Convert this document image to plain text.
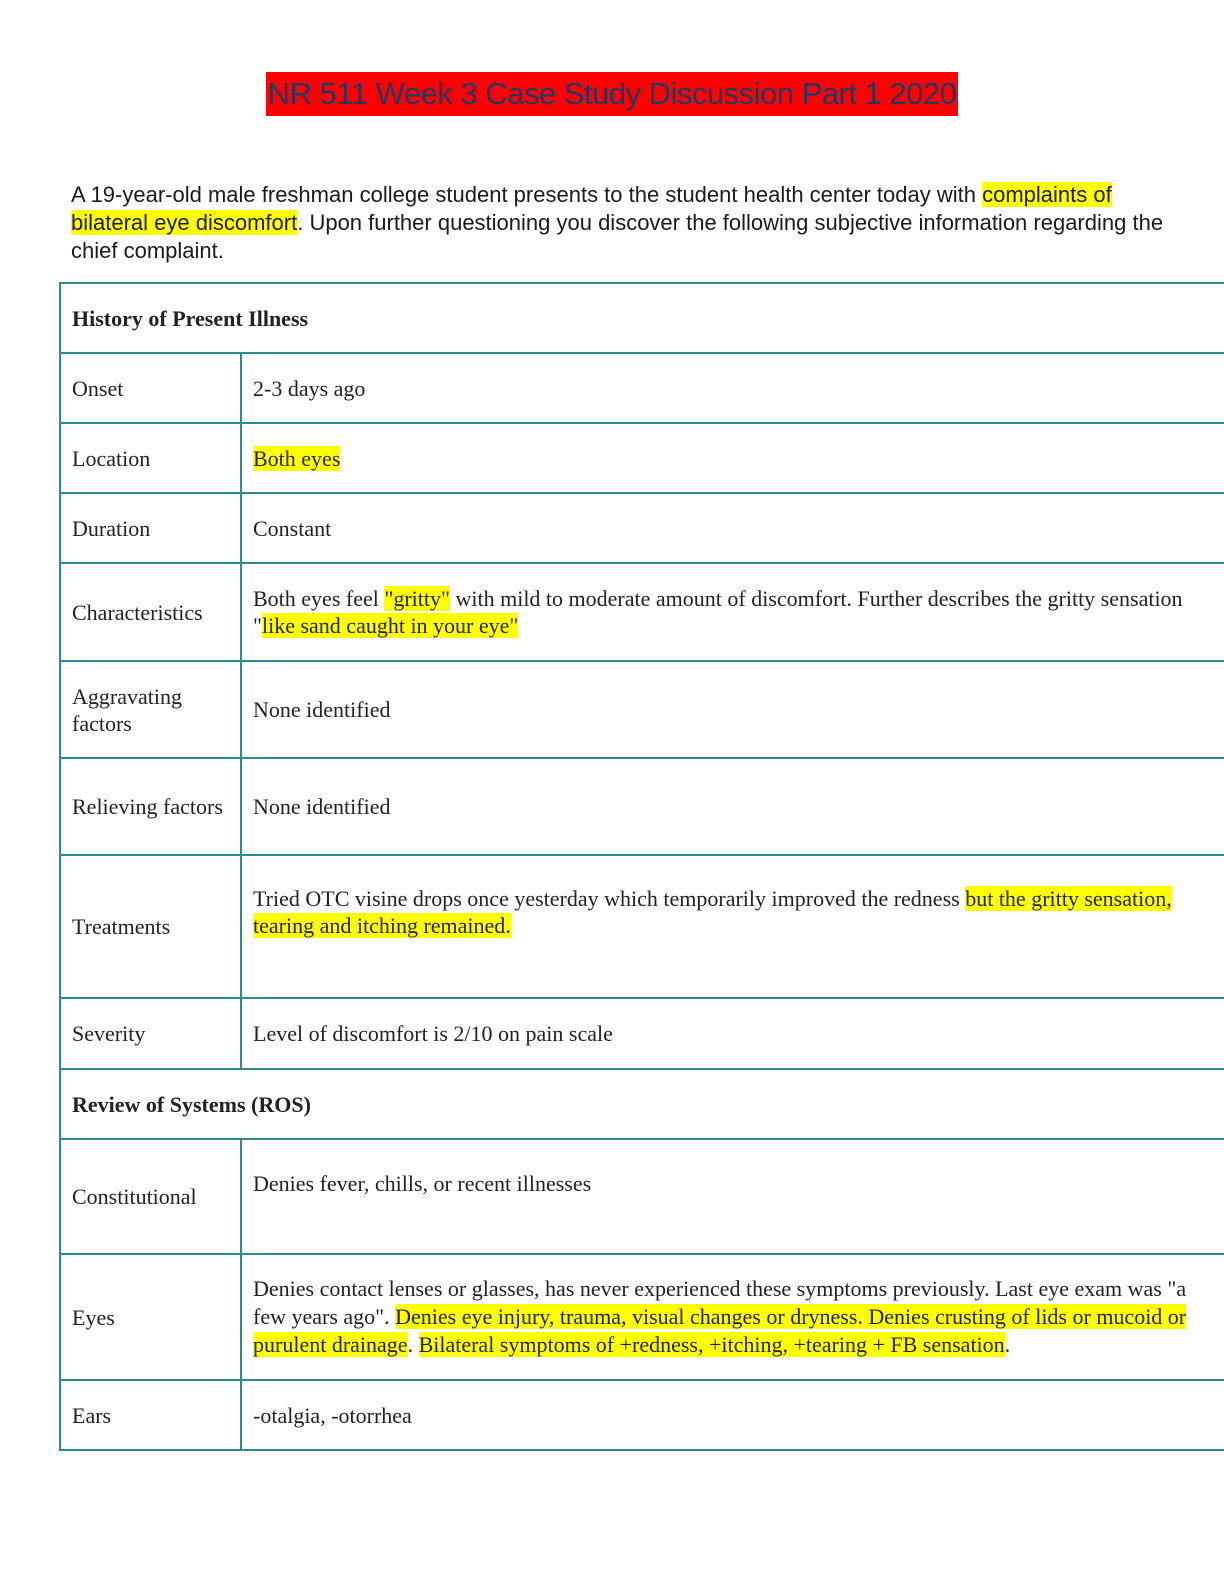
NR 511 Week 3 Case Study Discussion Part 1 2020

A 19-year-old male freshman college student presents to the student health center today with complaints of bilateral eye discomfort. Upon further questioning you discover the following subjective information regarding the chief complaint.

History of Present Illness	
Onset	2-3 days ago
Location	Both eyes
Duration	Constant
Characteristics	Both eyes feel "gritty" with mild to moderate amount of discomfort. Further describes the gritty sensation "like sand caught in your eye"
Aggravating factors	None identified
Relieving factors	None identified
Treatments	Tried OTC visine drops once yesterday which temporarily improved the redness but the gritty sensation, tearing and itching remained.
Severity	Level of discomfort is 2/10 on pain scale
Review of Systems (ROS)	
Constitutional	Denies fever, chills, or recent illnesses
Eyes	Denies contact lenses or glasses, has never experienced these symptoms previously. Last eye exam was "a few years ago". Denies eye injury, trauma, visual changes or dryness. Denies crusting of lids or mucoid or purulent drainage. Bilateral symptoms of +redness, +itching, +tearing + FB sensation.
Ears	-otalgia, -otorrhea
